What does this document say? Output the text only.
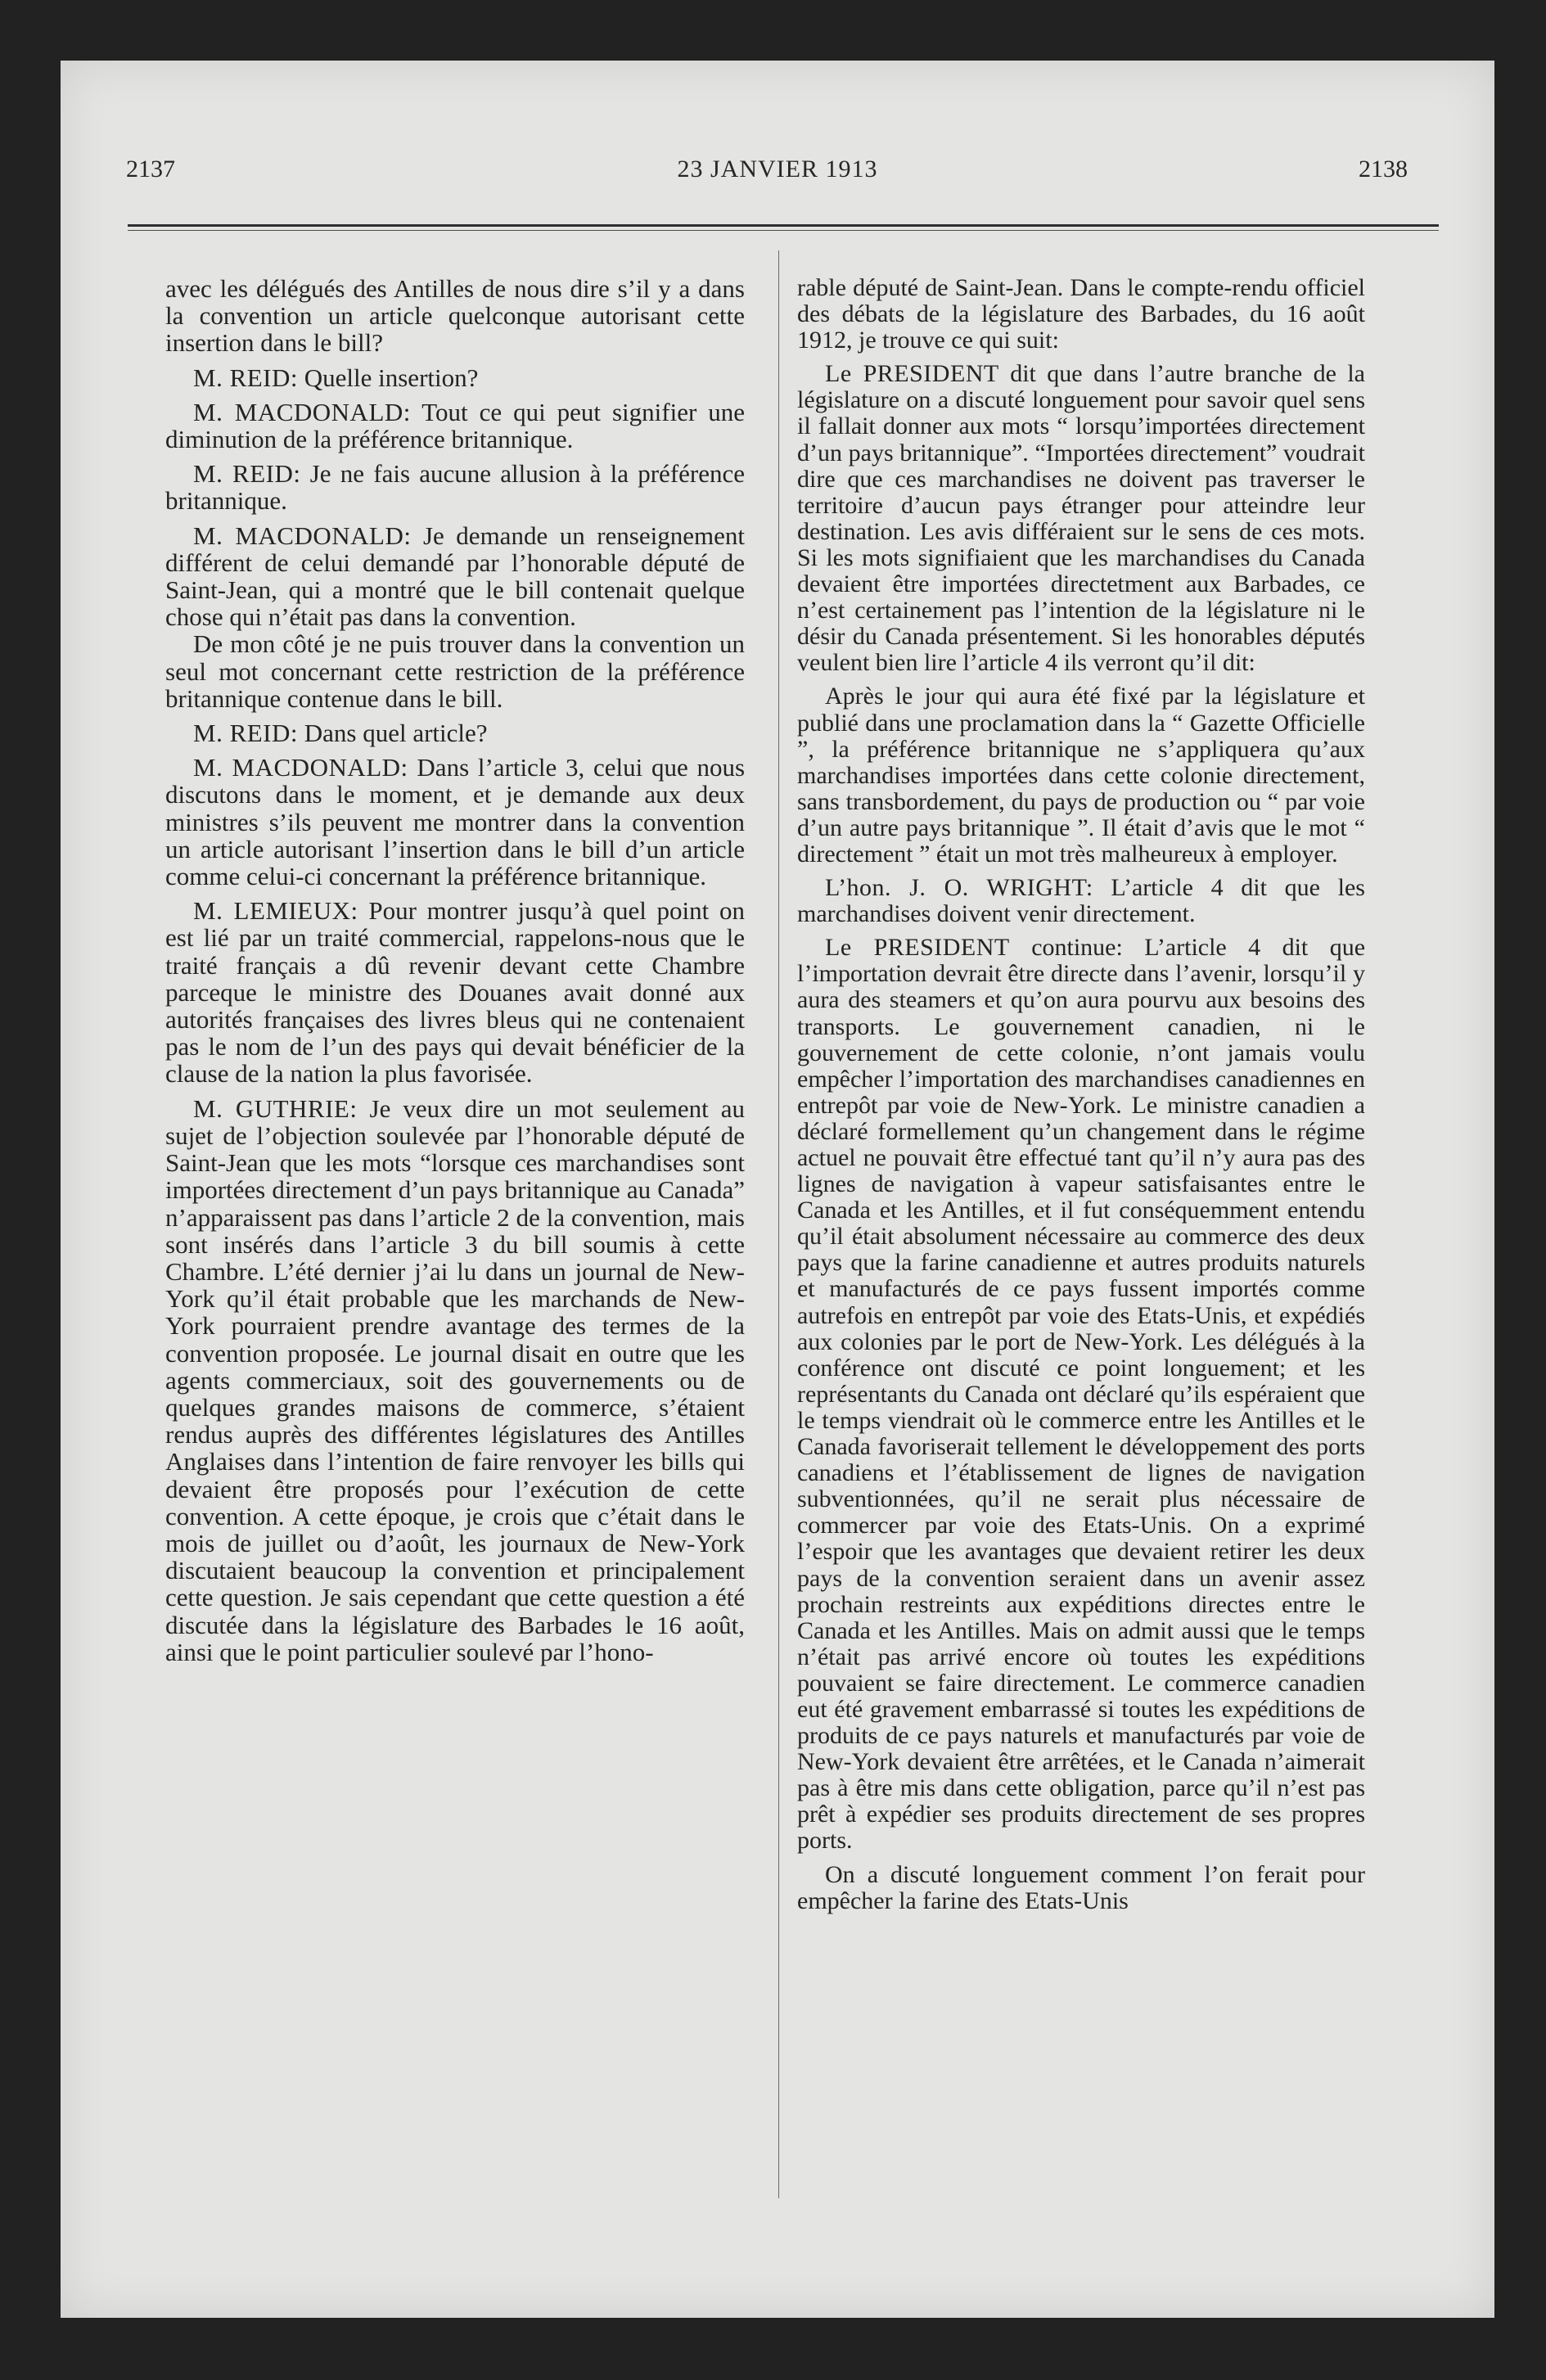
2137	23 JANVIER 1913	2138

avec les délégués des Antilles de nous dire s’il y a dans la convention un article quelconque autorisant cette insertion dans le bill?

M. REID: Quelle insertion?

M. MACDONALD: Tout ce qui peut signifier une diminution de la préférence britannique.

M. REID: Je ne fais aucune allusion à la préférence britannique.

M. MACDONALD: Je demande un renseignement différent de celui demandé par l’honorable député de Saint-Jean, qui a montré que le bill contenait quelque chose qui n’était pas dans la convention.

De mon côté je ne puis trouver dans la convention un seul mot concernant cette restriction de la préférence britannique contenue dans le bill.

M. REID: Dans quel article?

M. MACDONALD: Dans l’article 3, celui que nous discutons dans le moment, et je demande aux deux ministres s’ils peuvent me montrer dans la convention un article autorisant l’insertion dans le bill d’un article comme celui-ci concernant la préférence britannique.

M. LEMIEUX: Pour montrer jusqu’à quel point on est lié par un traité commercial, rappelons-nous que le traité français a dû revenir devant cette Chambre parceque le ministre des Douanes avait donné aux autorités françaises des livres bleus qui ne contenaient pas le nom de l’un des pays qui devait bénéficier de la clause de la nation la plus favorisée.

M. GUTHRIE: Je veux dire un mot seulement au sujet de l’objection soulevée par l’honorable député de Saint-Jean que les mots “lorsque ces marchandises sont importées directement d’un pays britannique au Canada” n’apparaissent pas dans l’article 2 de la convention, mais sont insérés dans l’article 3 du bill soumis à cette Chambre. L’été dernier j’ai lu dans un journal de New-York qu’il était probable que les marchands de New-York pourraient prendre avantage des termes de la convention proposée. Le journal disait en outre que les agents commerciaux, soit des gouvernements ou de quelques grandes maisons de commerce, s’étaient rendus auprès des différentes législatures des Antilles Anglaises dans l’intention de faire renvoyer les bills qui devaient être proposés pour l’exécution de cette convention. A cette époque, je crois que c’était dans le mois de juillet ou d’août, les journaux de New-York discutaient beaucoup la convention et principalement cette question. Je sais cependant que cette question a été discutée dans la législature des Barbades le 16 août, ainsi que le point particulier soulevé par l’hono-

rable député de Saint-Jean. Dans le compte-rendu officiel des débats de la législature des Barbades, du 16 août 1912, je trouve ce qui suit:

Le PRESIDENT dit que dans l’autre branche de la législature on a discuté longuement pour savoir quel sens il fallait donner aux mots “ lorsqu’importées directement d’un pays britannique”. “Importées directement” voudrait dire que ces marchandises ne doivent pas traverser le territoire d’aucun pays étranger pour atteindre leur destination. Les avis différaient sur le sens de ces mots. Si les mots signifiaient que les marchandises du Canada devaient être importées directetment aux Barbades, ce n’est certainement pas l’intention de la législature ni le désir du Canada présentement. Si les honorables députés veulent bien lire l’article 4 ils verront qu’il dit:

Après le jour qui aura été fixé par la législature et publié dans une proclamation dans la “ Gazette Officielle ”, la préférence britannique ne s’appliquera qu’aux marchandises importées dans cette colonie directement, sans transbordement, du pays de production ou “ par voie d’un autre pays britannique ”. Il était d’avis que le mot “ directement ” était un mot très malheureux à employer.

L’hon. J. O. WRIGHT: L’article 4 dit que les marchandises doivent venir directement.

Le PRESIDENT continue: L’article 4 dit que l’importation devrait être directe dans l’avenir, lorsqu’il y aura des steamers et qu’on aura pourvu aux besoins des transports. Le gouvernement canadien, ni le gouvernement de cette colonie, n’ont jamais voulu empêcher l’importation des marchandises canadiennes en entrepôt par voie de New-York. Le ministre canadien a déclaré formellement qu’un changement dans le régime actuel ne pouvait être effectué tant qu’il n’y aura pas des lignes de navigation à vapeur satisfaisantes entre le Canada et les Antilles, et il fut conséquemment entendu qu’il était absolument nécessaire au commerce des deux pays que la farine canadienne et autres produits naturels et manufacturés de ce pays fussent importés comme autrefois en entrepôt par voie des Etats-Unis, et expédiés aux colonies par le port de New-York. Les délégués à la conférence ont discuté ce point longuement; et les représentants du Canada ont déclaré qu’ils espéraient que le temps viendrait où le commerce entre les Antilles et le Canada favoriserait tellement le développement des ports canadiens et l’établissement de lignes de navigation subventionnées, qu’il ne serait plus nécessaire de commercer par voie des Etats-Unis. On a exprimé l’espoir que les avantages que devaient retirer les deux pays de la convention seraient dans un avenir assez prochain restreints aux expéditions directes entre le Canada et les Antilles. Mais on admit aussi que le temps n’était pas arrivé encore où toutes les expéditions pouvaient se faire directement. Le commerce canadien eut été gravement embarrassé si toutes les expéditions de produits de ce pays naturels et manufacturés par voie de New-York devaient être arrêtées, et le Canada n’aimerait pas à être mis dans cette obligation, parce qu’il n’est pas prêt à expédier ses produits directement de ses propres ports.

On a discuté longuement comment l’on ferait pour empêcher la farine des Etats-Unis
